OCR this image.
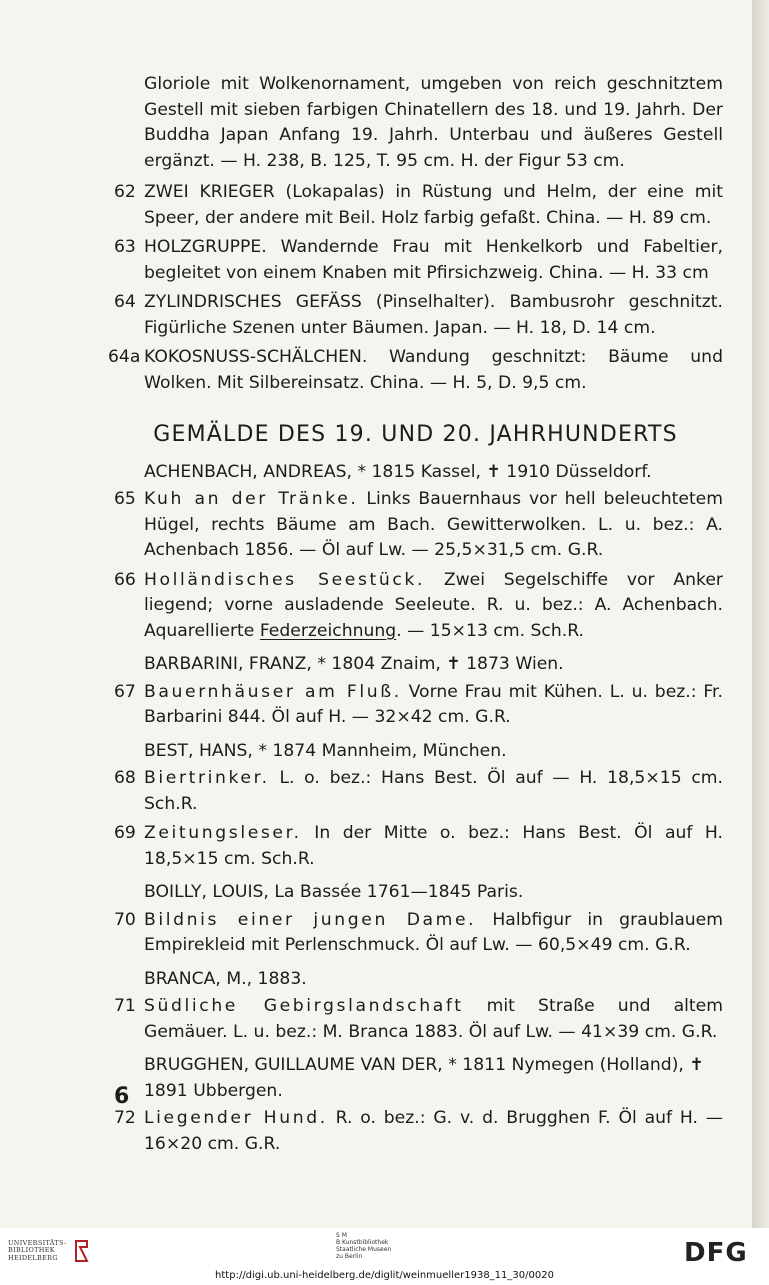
Gloriole mit Wolkenornament, umgeben von reich geschnitztem Gestell mit sieben farbigen Chinatellern des 18. und 19. Jahrh. Der Buddha Japan Anfang 19. Jahrh. Unterbau und äußeres Gestell ergänzt. — H. 238, B. 125, T. 95 cm. H. der Figur 53 cm.
62 ZWEI KRIEGER (Lokapalas) in Rüstung und Helm, der eine mit Speer, der andere mit Beil. Holz farbig gefaßt. China. — H. 89 cm.
63 HOLZGRUPPE. Wandernde Frau mit Henkelkorb und Fabeltier, begleitet von einem Knaben mit Pfirsichzweig. China. — H. 33 cm
64 ZYLINDRISCHES GEFÄSS (Pinselhalter). Bambusrohr geschnitzt. Figürliche Szenen unter Bäumen. Japan. — H. 18, D. 14 cm.
64a KOKOSNUSS-SCHÄLCHEN. Wandung geschnitzt: Bäume und Wolken. Mit Silbereinsatz. China. — H. 5, D. 9,5 cm.
GEMÄLDE DES 19. UND 20. JAHRHUNDERTS
ACHENBACH, ANDREAS, * 1815 Kassel, ✝ 1910 Düsseldorf.
65 Kuh an der Tränke. Links Bauernhaus vor hell beleuchtetem Hügel, rechts Bäume am Bach. Gewitterwolken. L. u. bez.: A. Achenbach 1856. — Öl auf Lw. — 25,5×31,5 cm. G.R.
66 Holländisches Seestück. Zwei Segelschiffe vor Anker liegend; vorne ausladende Seeleute. R. u. bez.: A. Achenbach. Aquarellierte Federzeichnung. — 15×13 cm. Sch.R.
BARBARINI, FRANZ, * 1804 Znaim, ✝ 1873 Wien.
67 Bauernhäuser am Fluß. Vorne Frau mit Kühen. L. u. bez.: Fr. Barbarini 844. Öl auf H. — 32×42 cm. G.R.
BEST, HANS, * 1874 Mannheim, München.
68 Biertrinker. L. o. bez.: Hans Best. Öl auf — H. 18,5×15 cm. Sch.R.
69 Zeitungsleser. In der Mitte o. bez.: Hans Best. Öl auf H. 18,5×15 cm. Sch.R.
BOILLY, LOUIS, La Bassée 1761—1845 Paris.
70 Bildnis einer jungen Dame. Halbfigur in graublauem Empirekleid mit Perlenschmuck. Öl auf Lw. — 60,5×49 cm. G.R.
BRANCA, M., 1883.
71 Südliche Gebirgslandschaft mit Straße und altem Gemäuer. L. u. bez.: M. Branca 1883. Öl auf Lw. — 41×39 cm. G.R.
BRUGGHEN, GUILLAUME VAN DER, * 1811 Nymegen (Holland), ✝ 1891 Ubbergen.
72 Liegender Hund. R. o. bez.: G. v. d. Brugghen F. Öl auf H. — 16×20 cm. G.R.
6
UNIVERSITÄTS-
BIBLIOTHEK
HEIDELBERG
S M
B Kunstbibliothek
Staatliche Museen
zu Berlin	DFG
http://digi.ub.uni-heidelberg.de/diglit/weinmueller1938_11_30/0020
